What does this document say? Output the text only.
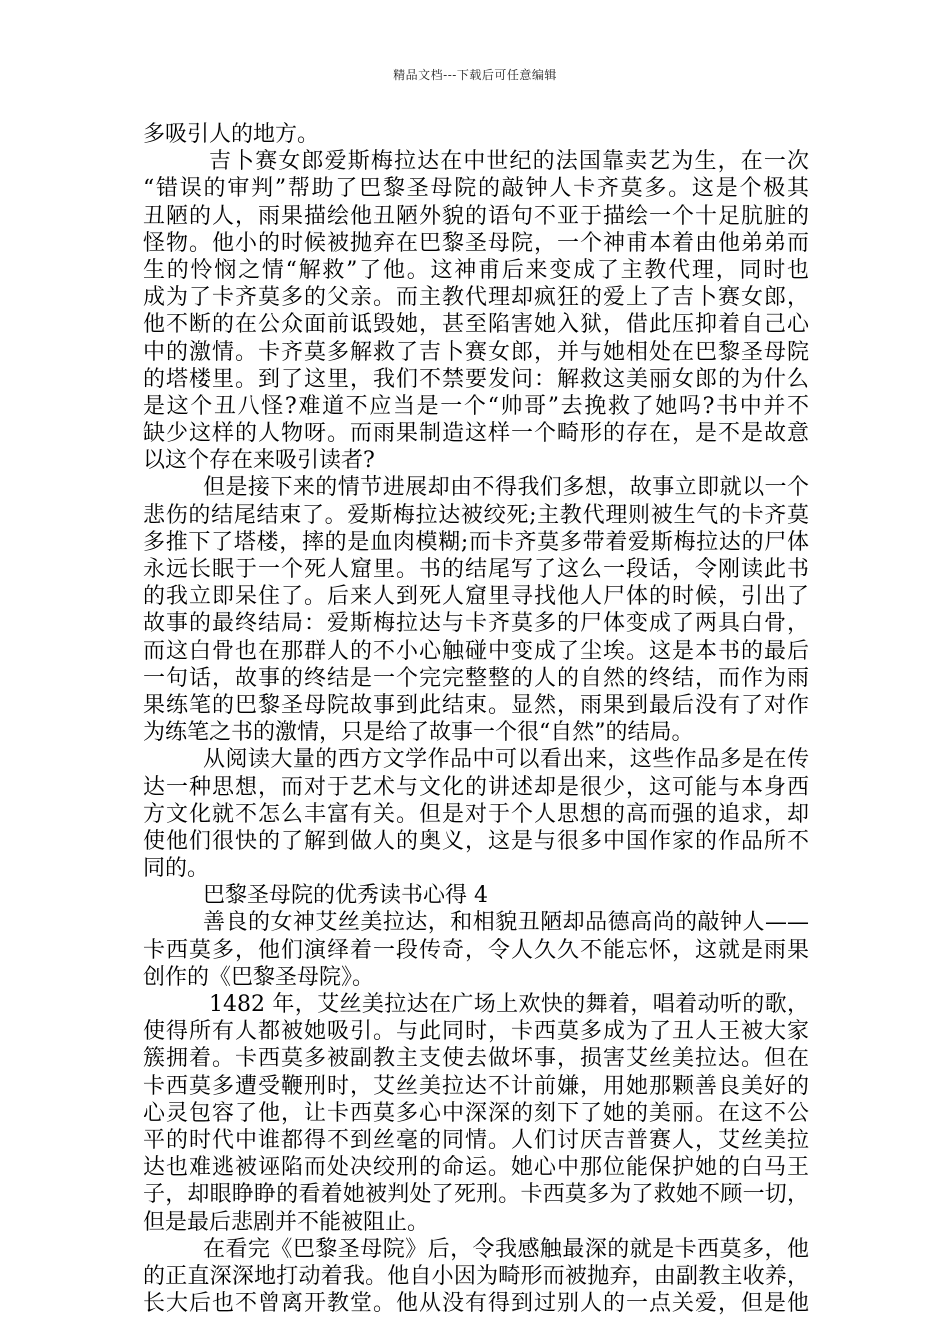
精品文档---下载后可任意编辑
多吸引人的地方。
吉卜赛女郎爱斯梅拉达在中世纪的法国靠卖艺为生，在一次
“错误的审判”帮助了巴黎圣母院的敲钟人卡齐莫多。这是个极其
丑陋的人，雨果描绘他丑陋外貌的语句不亚于描绘一个十足肮脏的
怪物。他小的时候被抛弃在巴黎圣母院，一个神甫本着由他弟弟而
生的怜悯之情“解救”了他。这神甫后来变成了主教代理，同时也
成为了卡齐莫多的父亲。而主教代理却疯狂的爱上了吉卜赛女郎，
他不断的在公众面前诋毁她，甚至陷害她入狱，借此压抑着自己心
中的激情。卡齐莫多解救了吉卜赛女郎，并与她相处在巴黎圣母院
的塔楼里。到了这里，我们不禁要发问：解救这美丽女郎的为什么
是这个丑八怪?难道不应当是一个“帅哥”去挽救了她吗?书中并不
缺少这样的人物呀。而雨果制造这样一个畸形的存在，是不是故意
以这个存在来吸引读者?
但是接下来的情节进展却由不得我们多想，故事立即就以一个
悲伤的结尾结束了。爱斯梅拉达被绞死;主教代理则被生气的卡齐莫
多推下了塔楼，摔的是血肉模糊;而卡齐莫多带着爱斯梅拉达的尸体
永远长眠于一个死人窟里。书的结尾写了这么一段话，令刚读此书
的我立即呆住了。后来人到死人窟里寻找他人尸体的时候，引出了
故事的最终结局：爱斯梅拉达与卡齐莫多的尸体变成了两具白骨，
而这白骨也在那群人的不小心触碰中变成了尘埃。这是本书的最后
一句话，故事的终结是一个完完整整的人的自然的终结，而作为雨
果练笔的巴黎圣母院故事到此结束。显然，雨果到最后没有了对作
为练笔之书的激情，只是给了故事一个很“自然”的结局。
从阅读大量的西方文学作品中可以看出来，这些作品多是在传
达一种思想，而对于艺术与文化的讲述却是很少，这可能与本身西
方文化就不怎么丰富有关。但是对于个人思想的高而强的追求，却
使他们很快的了解到做人的奥义，这是与很多中国作家的作品所不
同的。
巴黎圣母院的优秀读书心得 4
善良的女神艾丝美拉达，和相貌丑陋却品德高尚的敲钟人——
卡西莫多，他们演绎着一段传奇，令人久久不能忘怀，这就是雨果
创作的《巴黎圣母院》。
1482 年，艾丝美拉达在广场上欢快的舞着，唱着动听的歌，
使得所有人都被她吸引。与此同时，卡西莫多成为了丑人王被大家
簇拥着。卡西莫多被副教主支使去做坏事，损害艾丝美拉达。但在
卡西莫多遭受鞭刑时，艾丝美拉达不计前嫌，用她那颗善良美好的
心灵包容了他，让卡西莫多心中深深的刻下了她的美丽。在这不公
平的时代中谁都得不到丝毫的同情。人们讨厌吉普赛人，艾丝美拉
达也难逃被诬陷而处决绞刑的命运。她心中那位能保护她的白马王
子，却眼睁睁的看着她被判处了死刑。卡西莫多为了救她不顾一切，
但是最后悲剧并不能被阻止。
在看完《巴黎圣母院》后，令我感触最深的就是卡西莫多，他
的正直深深地打动着我。他自小因为畸形而被抛弃，由副教主收养，
长大后也不曾离开教堂。他从没有得到过别人的一点关爱，但是他
